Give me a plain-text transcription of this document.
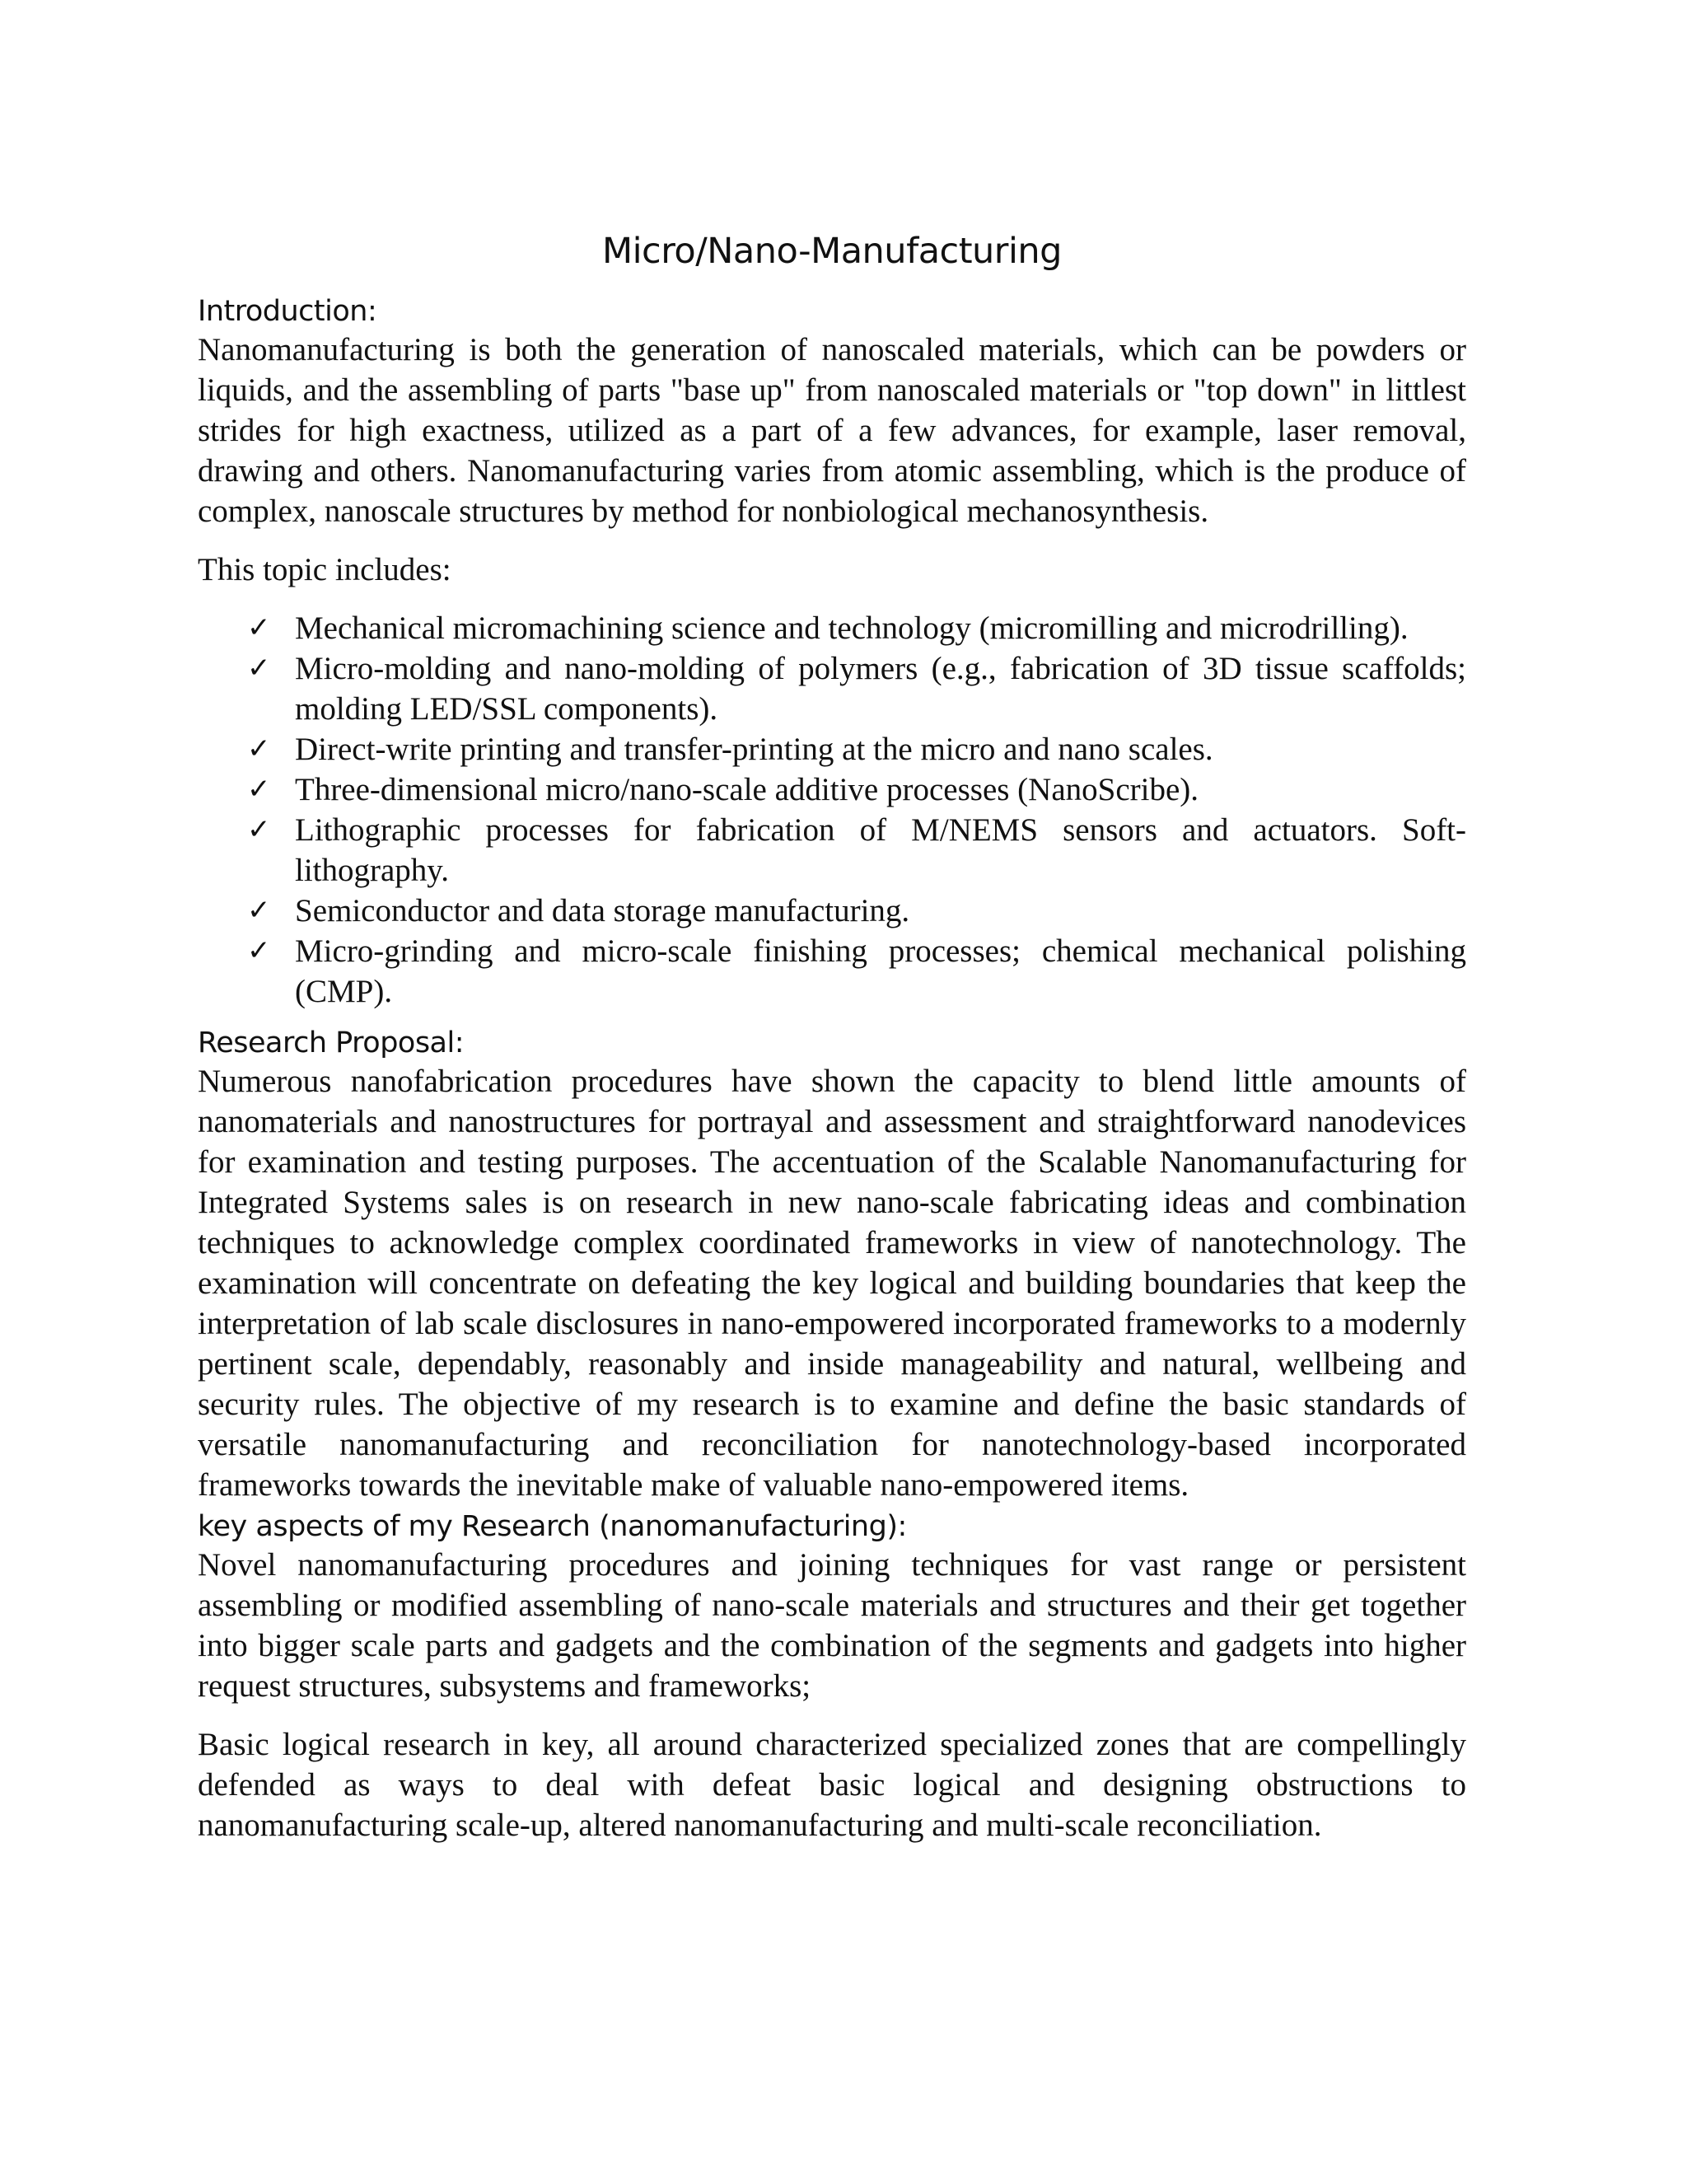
Micro/Nano-Manufacturing
Introduction:

Nanomanufacturing is both the generation of nanoscaled materials, which can be powders or liquids, and the assembling of parts "base up" from nanoscaled materials or "top down" in littlest strides for high exactness, utilized as a part of a few advances, for example, laser removal, drawing and others. Nanomanufacturing varies from atomic assembling, which is the produce of complex, nanoscale structures by method for nonbiological mechanosynthesis.

This topic includes:

✓ Mechanical micromachining science and technology (micromilling and microdrilling).
✓ Micro-molding and nano-molding of polymers (e.g., fabrication of 3D tissue scaffolds; molding LED/SSL components).
✓ Direct-write printing and transfer-printing at the micro and nano scales.
✓ Three-dimensional micro/nano-scale additive processes (NanoScribe).
✓ Lithographic processes for fabrication of M/NEMS sensors and actuators. Soft-lithography.
✓ Semiconductor and data storage manufacturing.
✓ Micro-grinding and micro-scale finishing processes; chemical mechanical polishing (CMP).
Research Proposal:

Numerous nanofabrication procedures have shown the capacity to blend little amounts of nanomaterials and nanostructures for portrayal and assessment and straightforward nanodevices for examination and testing purposes. The accentuation of the Scalable Nanomanufacturing for Integrated Systems sales is on research in new nano-scale fabricating ideas and combination techniques to acknowledge complex coordinated frameworks in view of nanotechnology. The examination will concentrate on defeating the key logical and building boundaries that keep the interpretation of lab scale disclosures in nano-empowered incorporated frameworks to a modernly pertinent scale, dependably, reasonably and inside manageability and natural, wellbeing and security rules. The objective of my research is to examine and define the basic standards of versatile nanomanufacturing and reconciliation for nanotechnology-based incorporated frameworks towards the inevitable make of valuable nano-empowered items.

key aspects of my Research (nanomanufacturing):

Novel nanomanufacturing procedures and joining techniques for vast range or persistent assembling or modified assembling of nano-scale materials and structures and their get together into bigger scale parts and gadgets and the combination of the segments and gadgets into higher request structures, subsystems and frameworks;

Basic logical research in key, all around characterized specialized zones that are compellingly defended as ways to deal with defeat basic logical and designing obstructions to nanomanufacturing scale-up, altered nanomanufacturing and multi-scale reconciliation.
